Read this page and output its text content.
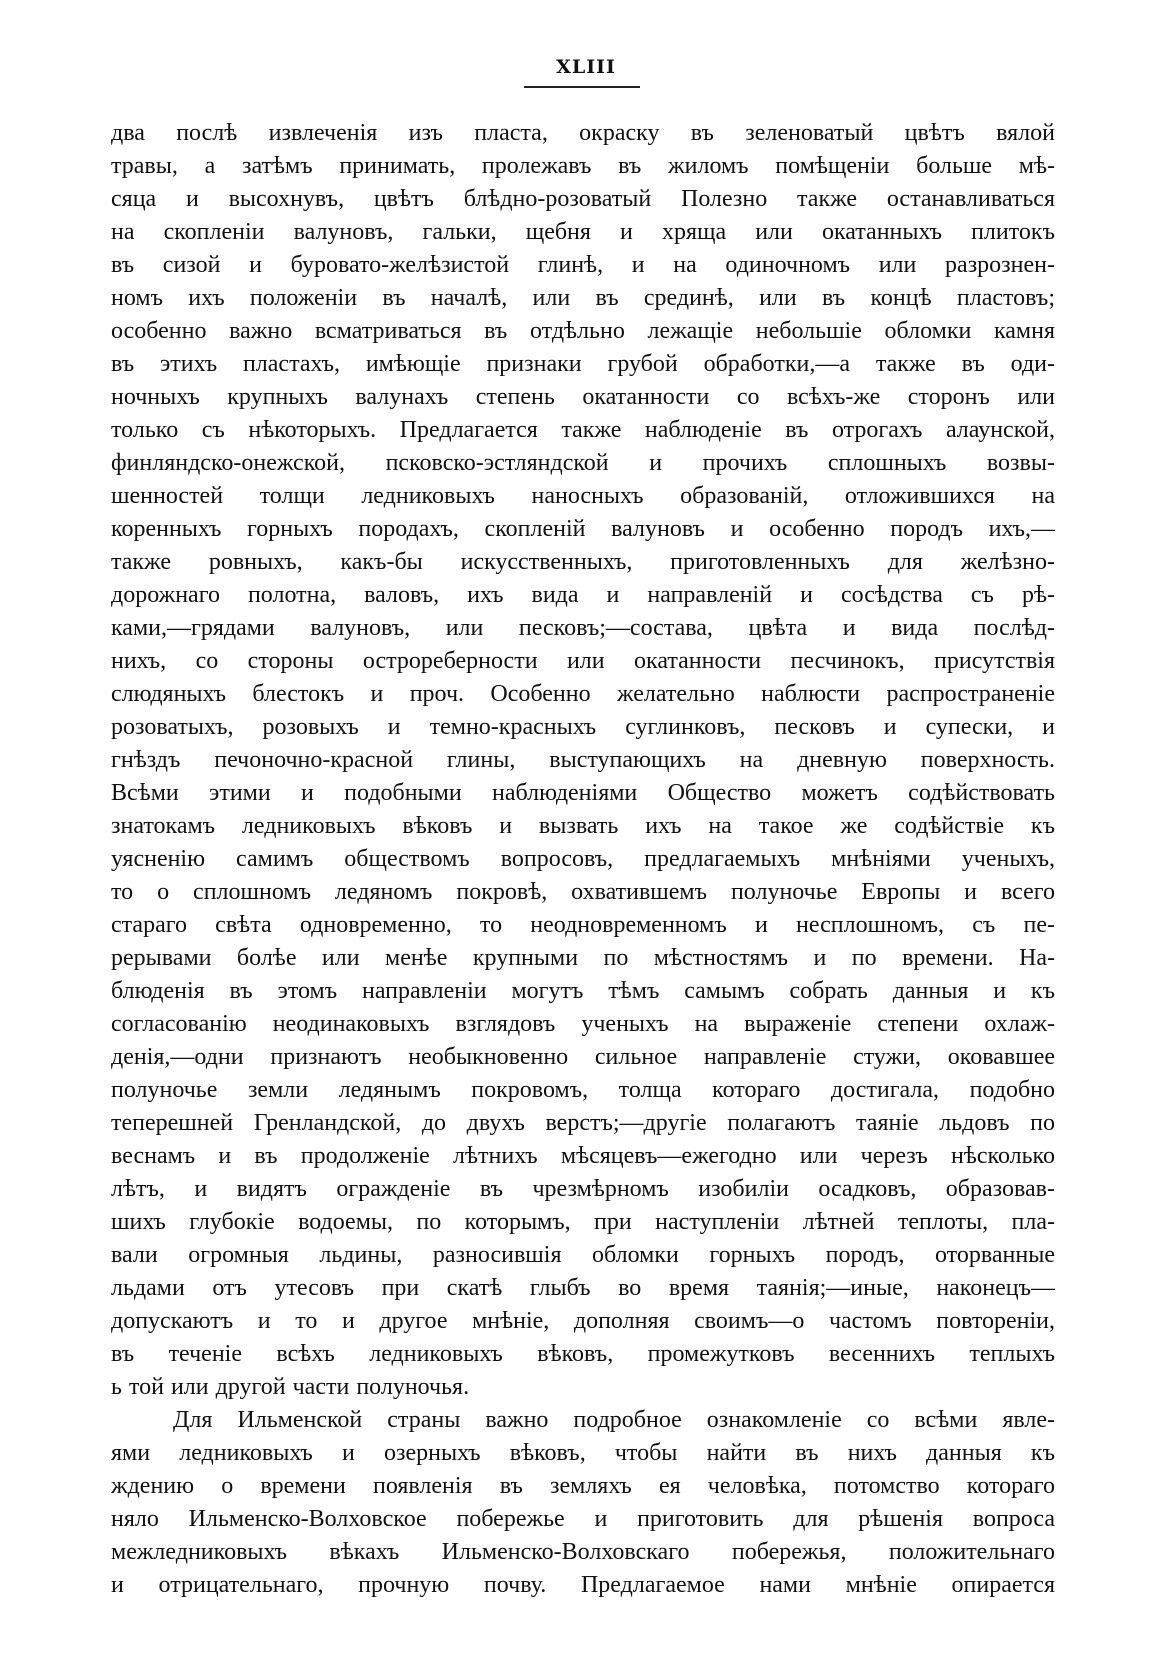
XLIII
два послѣ извлеченія изъ пласта, окраску въ зеленоватый цвѣтъ вялой
травы, а затѣмъ принимать, пролежавъ въ жиломъ помѣщеніи больше мѣ-
сяца и высохнувъ, цвѣтъ блѣдно-розоватый Полезно также останавливаться
на скопленіи валуновъ, гальки, щебня и хряща или окатанныхъ плитокъ
въ сизой и буровато-желѣзистой глинѣ, и на одиночномъ или разрознен-
номъ ихъ положеніи въ началѣ, или въ срединѣ, или въ концѣ пластовъ;
особенно важно всматриваться въ отдѣльно лежащіе небольшіе обломки камня
въ этихъ пластахъ, имѣющіе признаки грубой обработки,—а также въ оди-
ночныхъ крупныхъ валунахъ степень окатанности со всѣхъ-же сторонъ или
только съ нѣкоторыхъ. Предлагается также наблюденіе въ отрогахъ алаунской,
финляндско-онежской, псковско-эстляндской и прочихъ сплошныхъ возвы-
шенностей толщи ледниковыхъ наносныхъ образованій, отложившихся на
коренныхъ горныхъ породахъ, скопленій валуновъ и особенно породъ ихъ,—
также ровныхъ, какъ-бы искусственныхъ, приготовленныхъ для желѣзно-
дорожнаго полотна, валовъ, ихъ вида и направленій и сосѣдства съ рѣ-
ками,—грядами валуновъ, или песковъ;—состава, цвѣта и вида послѣд-
нихъ, со стороны острореберности или окатанности песчинокъ, присутствія
слюдяныхъ блестокъ и проч. Особенно желательно наблюсти распространеніе
розоватыхъ, розовыхъ и темно-красныхъ суглинковъ, песковъ и супески, и
гнѣздъ печоночно-красной глины, выступающихъ на дневную поверхность.
Всѣми этими и подобными наблюденіями Общество можетъ содѣйствовать
знатокамъ ледниковыхъ вѣковъ и вызвать ихъ на такое же содѣйствіе къ
уясненію самимъ обществомъ вопросовъ, предлагаемыхъ мнѣніями ученыхъ,
то о сплошномъ ледяномъ покровѣ, охватившемъ полуночье Европы и всего
стараго свѣта одновременно, то неодновременномъ и несплошномъ, съ пе-
рерывами болѣе или менѣе крупными по мѣстностямъ и по времени. На-
блюденія въ этомъ направленіи могутъ тѣмъ самымъ собрать данныя и къ
согласованію неодинаковыхъ взглядовъ ученыхъ на выраженіе степени охлаж-
денія,—одни признаютъ необыкновенно сильное направленіе стужи, оковавшее
полуночье земли ледянымъ покровомъ, толща котораго достигала, подобно
теперешней Гренландской, до двухъ верстъ;—другіе полагаютъ таяніе льдовъ по
веснамъ и въ продолженіе лѣтнихъ мѣсяцевъ—ежегодно или черезъ нѣсколько
лѣтъ, и видятъ огражденіе въ чрезмѣрномъ изобиліи осадковъ, образовав-
шихъ глубокіе водоемы, по которымъ, при наступленіи лѣтней теплоты, пла-
вали огромныя льдины, разносившія обломки горныхъ породъ, оторванные
льдами отъ утесовъ при скатѣ глыбъ во время таянія;—иные, наконецъ—
допускаютъ и то и другое мнѣніе, дополняя своимъ—о частомъ повтореніи,
въ теченіе всѣхъ ледниковыхъ вѣковъ, промежутковъ весеннихъ теплыхъ
ь той или другой части полуночья.
Для Ильменской страны важно подробное ознакомленіе со всѣми явле-
ями ледниковыхъ и озерныхъ вѣковъ, чтобы найти въ нихъ данныя къ
ждению о времени появленія въ земляхъ ея человѣка, потомство котораго
няло Ильменско-Волховское побережье и приготовить для рѣшенія вопроса
межледниковыхъ вѣкахъ Ильменско-Волховскаго побережья, положительнаго
и отрицательнаго, прочную почву. Предлагаемое нами мнѣніе опирается
